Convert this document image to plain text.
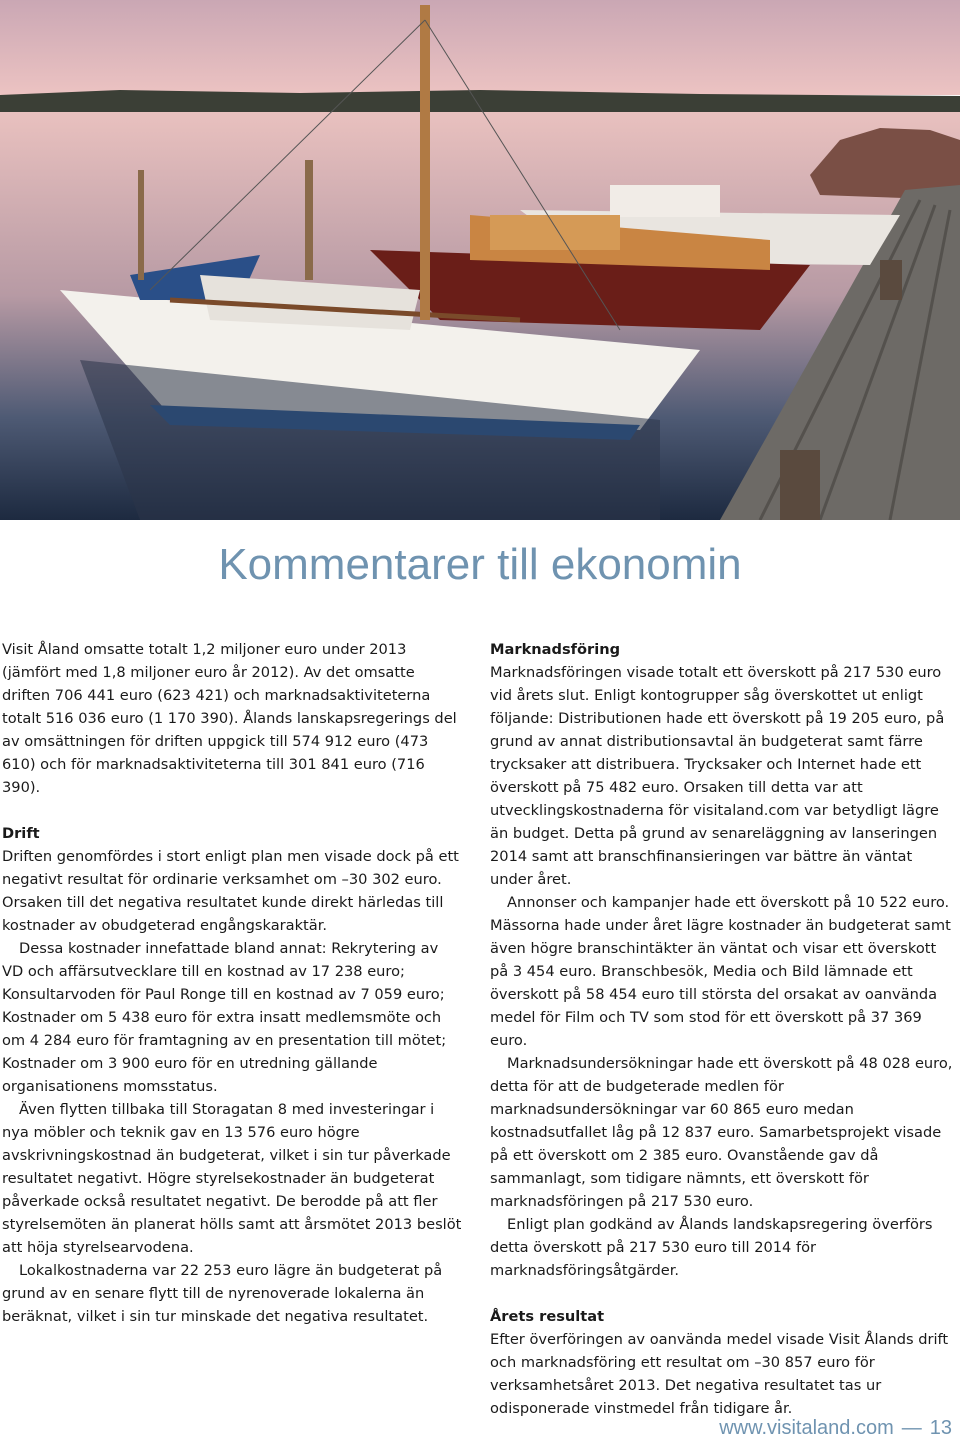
Kommentarer till ekonomin

Visit Åland omsatte totalt 1,2 miljoner euro under 2013 (jämfört med 1,8 miljoner euro år 2012). Av det omsatte driften 706 441 euro (623 421) och marknadsaktiviteterna totalt 516 036 euro (1 170 390). Ålands lanskapsregerings del av omsättningen för driften uppgick till 574 912 euro (473 610) och för marknadsaktiviteterna till 301 841 euro (716 390).

Drift

Driften genomfördes i stort enligt plan men visade dock på ett negativt resultat för ordinarie verksamhet om –30 302 euro. Orsaken till det negativa resultatet kunde direkt härledas till kostnader av obudgeterad engångskaraktär.

Dessa kostnader innefattade bland annat: Rekrytering av VD och affärsutvecklare till en kostnad av 17 238 euro; Konsultarvoden för Paul Ronge till en kostnad av 7 059 euro; Kostnader om 5 438 euro för extra insatt medlemsmöte och om 4 284 euro för framtagning av en presentation till mötet; Kostnader om 3 900 euro för en utredning gällande organisationens momsstatus.

Även flytten tillbaka till Storagatan 8 med investeringar i nya möbler och teknik gav en 13 576 euro högre avskrivningskostnad än budgeterat, vilket i sin tur påverkade resultatet negativt. Högre styrelsekostnader än budgeterat påverkade också resultatet negativt. De berodde på att fler styrelsemöten än planerat hölls samt att årsmötet 2013 beslöt att höja styrelsearvodena.

Lokalkostnaderna var 22 253 euro lägre än budgeterat på grund av en senare flytt till de nyrenoverade lokalerna än beräknat, vilket i sin tur minskade det negativa resultatet.

Marknadsföring

Marknadsföringen visade totalt ett överskott på 217 530 euro vid årets slut. Enligt kontogrupper såg överskottet ut enligt följande: Distributionen hade ett överskott på 19 205 euro, på grund av annat distributionsavtal än budgeterat samt färre trycksaker att distribuera. Trycksaker och Internet hade ett överskott på 75 482 euro. Orsaken till detta var att utvecklingskostnaderna för visitaland.com var betydligt lägre än budget. Detta på grund av senareläggning av lanseringen 2014 samt att branschfinansieringen var bättre än väntat under året.

Annonser och kampanjer hade ett överskott på 10 522 euro. Mässorna hade under året lägre kostnader än budgeterat samt även högre branschintäkter än väntat och visar ett överskott på 3 454 euro. Branschbesök, Media och Bild lämnade ett överskott på 58 454 euro till största del orsakat av oanvända medel för Film och TV som stod för ett överskott på 37 369 euro.

Marknadsundersökningar hade ett överskott på 48 028 euro, detta för att de budgeterade medlen för marknadsundersökningar var 60 865 euro medan kostnadsutfallet låg på 12 837 euro. Samarbetsprojekt visade på ett överskott om 2 385 euro. Ovanstående gav då sammanlagt, som tidigare nämnts, ett överskott för marknadsföringen på 217 530 euro.

Enligt plan godkänd av Ålands landskapsregering överförs detta överskott på 217 530 euro till 2014 för marknadsföringsåtgärder.

Årets resultat

Efter överföringen av oanvända medel visade Visit Ålands drift och marknadsföring ett resultat om –30 857 euro för verksamhetsåret 2013. Det negativa resultatet tas ur odisponerade vinstmedel från tidigare år.

www.visitaland.com — 13
